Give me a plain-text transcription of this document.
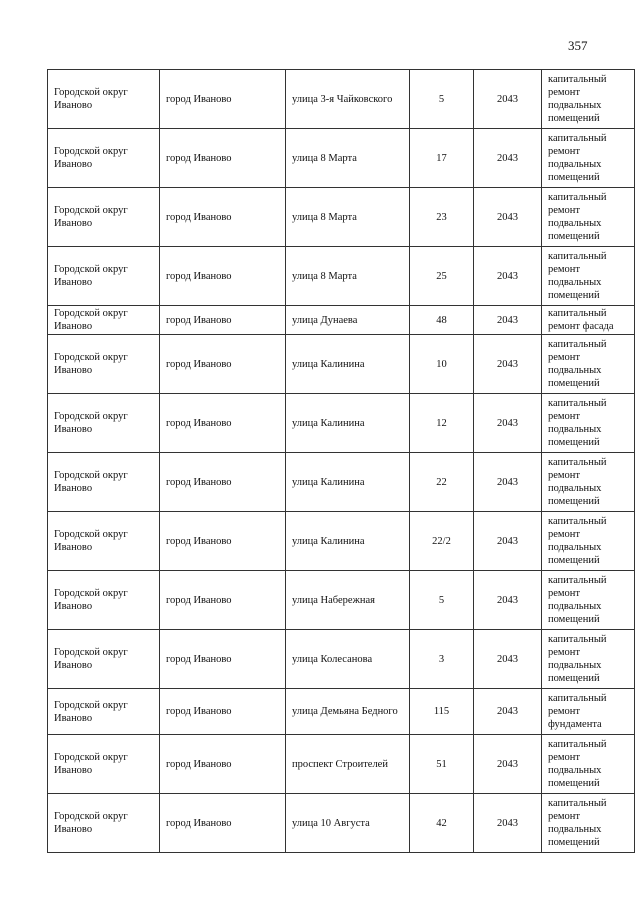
357
Городской округ
Иваново	город Иваново	улица 3-я Чайковского	5	2043	капитальный
ремонт
подвальных
помещений
Городской округ
Иваново	город Иваново	улица 8 Марта	17	2043	капитальный
ремонт
подвальных
помещений
Городской округ
Иваново	город Иваново	улица 8 Марта	23	2043	капитальный
ремонт
подвальных
помещений
Городской округ
Иваново	город Иваново	улица 8 Марта	25	2043	капитальный
ремонт
подвальных
помещений
Городской округ
Иваново	город Иваново	улица Дунаева	48	2043	капитальный
ремонт фасада
Городской округ
Иваново	город Иваново	улица Калинина	10	2043	капитальный
ремонт
подвальных
помещений
Городской округ
Иваново	город Иваново	улица Калинина	12	2043	капитальный
ремонт
подвальных
помещений
Городской округ
Иваново	город Иваново	улица Калинина	22	2043	капитальный
ремонт
подвальных
помещений
Городской округ
Иваново	город Иваново	улица Калинина	22/2	2043	капитальный
ремонт
подвальных
помещений
Городской округ
Иваново	город Иваново	улица Набережная	5	2043	капитальный
ремонт
подвальных
помещений
Городской округ
Иваново	город Иваново	улица Колесанова	3	2043	капитальный
ремонт
подвальных
помещений
Городской округ
Иваново	город Иваново	улица Демьяна Бедного	115	2043	капитальный
ремонт
фундамента
Городской округ
Иваново	город Иваново	проспект Строителей	51	2043	капитальный
ремонт
подвальных
помещений
Городской округ
Иваново	город Иваново	улица 10 Августа	42	2043	капитальный
ремонт
подвальных
помещений
